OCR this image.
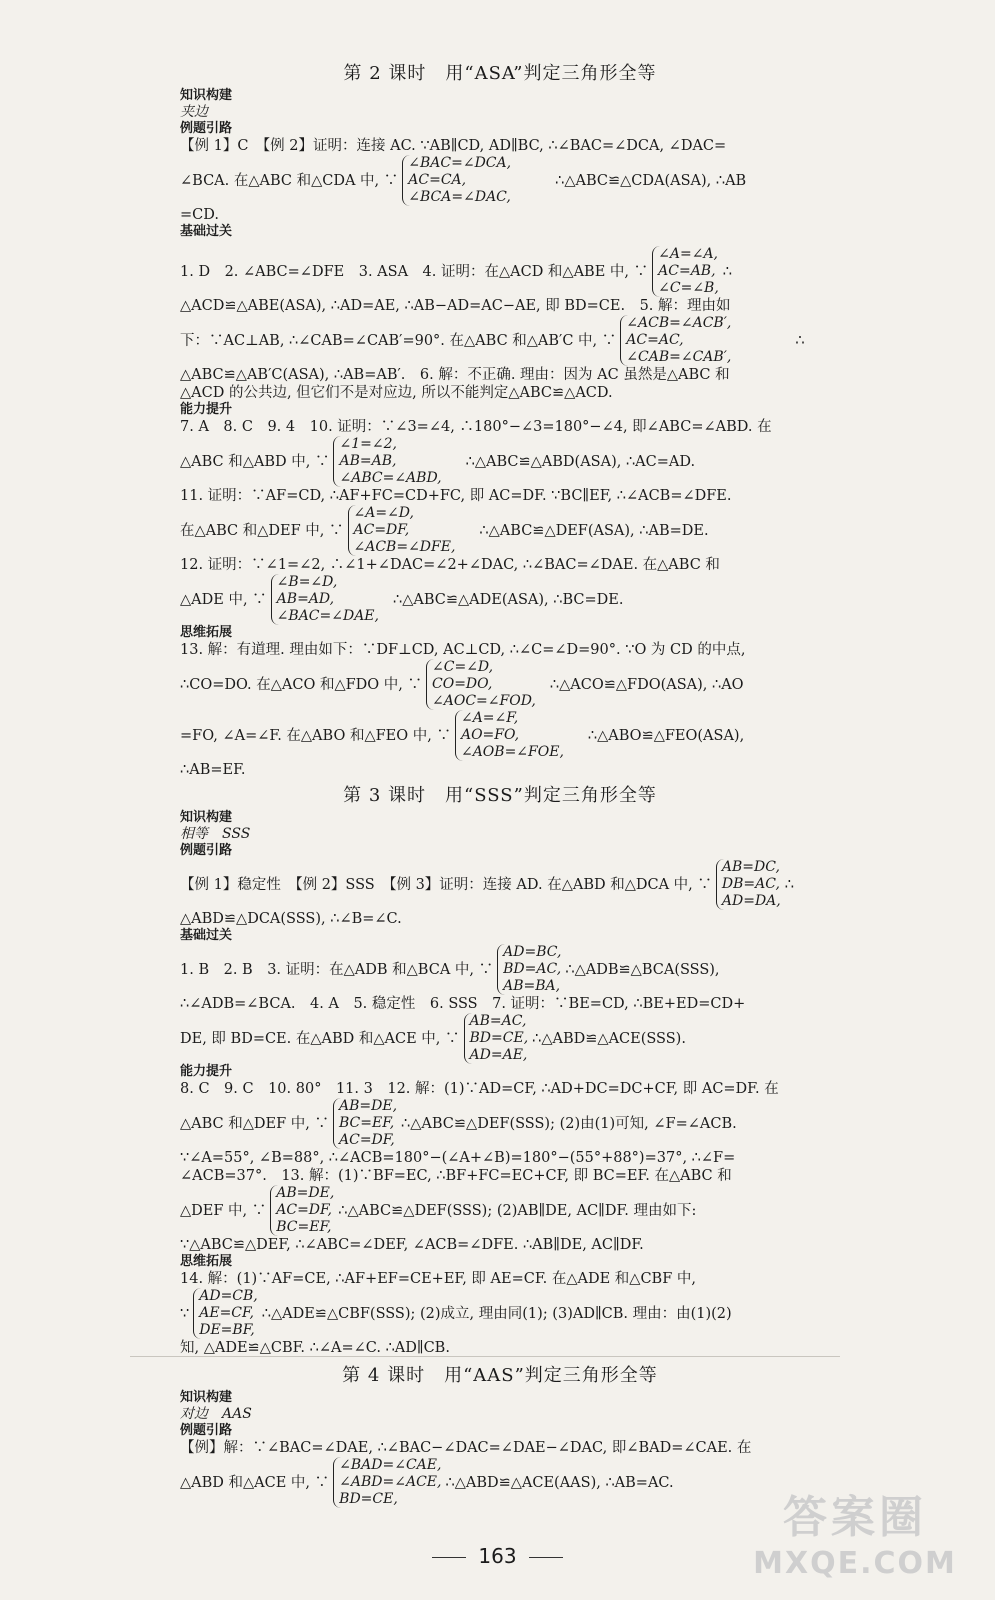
第 2 课时　用“ASA”判定三角形全等
知识构建
夹边
例题引路

【例 1】C　【例 2】证明：连接 AC. ∵AB∥CD, AD∥BC, ∴∠BAC=∠DCA, ∠DAC=

∠BCA. 在△ABC 和△CDA 中, ∵
∠BAC=∠DCA,
AC=CA,
∠BCA=∠DAC,
∴△ABC≌△CDA(ASA), ∴AB

=CD.

基础过关
1. D　2. ∠ABC=∠DFE　3. ASA　4. 证明：在△ACD 和△ABE 中, ∵
∠A=∠A,
AC=AB,
∠C=∠B,
∴

△ACD≌△ABE(ASA), ∴AD=AE, ∴AB−AD=AC−AE, 即 BD=CE.　5. 解：理由如

下：∵AC⊥AB, ∴∠CAB=∠CAB′=90°. 在△ABC 和△AB′C 中, ∵
∠ACB=∠ACB′,
AC=AC,
∠CAB=∠CAB′,
∴

△ABC≌△AB′C(ASA), ∴AB=AB′.　6. 解：不正确. 理由：因为 AC 虽然是△ABC 和

△ACD 的公共边, 但它们不是对应边, 所以不能判定△ABC≌△ACD.

能力提升

7. A　8. C　9. 4　10. 证明：∵∠3=∠4, ∴180°−∠3=180°−∠4, 即∠ABC=∠ABD. 在

△ABC 和△ABD 中, ∵
∠1=∠2,
AB=AB,
∠ABC=∠ABD,
∴△ABC≌△ABD(ASA), ∴AC=AD.

11. 证明：∵AF=CD, ∴AF+FC=CD+FC, 即 AC=DF. ∵BC∥EF, ∴∠ACB=∠DFE.

在△ABC 和△DEF 中, ∵
∠A=∠D,
AC=DF,
∠ACB=∠DFE,
∴△ABC≌△DEF(ASA), ∴AB=DE.

12. 证明：∵∠1=∠2, ∴∠1+∠DAC=∠2+∠DAC, ∴∠BAC=∠DAE. 在△ABC 和

△ADE 中, ∵
∠B=∠D,
AB=AD,
∠BAC=∠DAE,
∴△ABC≌△ADE(ASA), ∴BC=DE.
思维拓展

13. 解：有道理. 理由如下：∵DF⊥CD, AC⊥CD, ∴∠C=∠D=90°. ∵O 为 CD 的中点,

∴CO=DO. 在△ACO 和△FDO 中, ∵
∠C=∠D,
CO=DO,
∠AOC=∠FOD,
∴△ACO≌△FDO(ASA), ∴AO
=FO, ∠A=∠F. 在△ABO 和△FEO 中, ∵
∠A=∠F,
AO=FO,
∠AOB=∠FOE,
∴△ABO≌△FEO(ASA),

∴AB=EF.

第 3 课时　用“SSS”判定三角形全等
知识构建
相等　SSS
例题引路
【例 1】稳定性　【例 2】SSS　【例 3】证明：连接 AD. 在△ABD 和△DCA 中, ∵
AB=DC,
DB=AC,
AD=DA,
∴

△ABD≌△DCA(SSS), ∴∠B=∠C.

基础过关
1. B　2. B　3. 证明：在△ADB 和△BCA 中, ∵
AD=BC,
BD=AC,
AB=BA,
∴△ADB≌△BCA(SSS),

∴∠ADB=∠BCA.　4. A　5. 稳定性　6. SSS　7. 证明：∵BE=CD, ∴BE+ED=CD+

DE, 即 BD=CE. 在△ABD 和△ACE 中, ∵
AB=AC,
BD=CE,
AD=AE,
∴△ABD≌△ACE(SSS).
能力提升

8. C　9. C　10. 80°　11. 3　12. 解：(1)∵AD=CF, ∴AD+DC=DC+CF, 即 AC=DF. 在

△ABC 和△DEF 中, ∵
AB=DE,
BC=EF,
AC=DF,
∴△ABC≌△DEF(SSS); (2)由(1)可知, ∠F=∠ACB.

∵∠A=55°, ∠B=88°, ∴∠ACB=180°−(∠A+∠B)=180°−(55°+88°)=37°, ∴∠F=

∠ACB=37°.　13. 解：(1)∵BF=EC, ∴BF+FC=EC+CF, 即 BC=EF. 在△ABC 和

△DEF 中, ∵
AB=DE,
AC=DF,
BC=EF,
∴△ABC≌△DEF(SSS); (2)AB∥DE, AC∥DF. 理由如下:

∵△ABC≌△DEF, ∴∠ABC=∠DEF, ∠ACB=∠DFE. ∴AB∥DE, AC∥DF.

思维拓展

14. 解：(1)∵AF=CE, ∴AF+EF=CE+EF, 即 AE=CF. 在△ADE 和△CBF 中,

∵
AD=CB,
AE=CF,
DE=BF,
∴△ADE≌△CBF(SSS); (2)成立, 理由同(1); (3)AD∥CB. 理由：由(1)(2)

知, △ADE≌△CBF. ∴∠A=∠C. ∴AD∥CB.

第 4 课时　用“AAS”判定三角形全等
知识构建
对边　AAS
例题引路

【例】解：∵∠BAC=∠DAE, ∴∠BAC−∠DAC=∠DAE−∠DAC, 即∠BAD=∠CAE. 在

△ABD 和△ACE 中, ∵
∠BAD=∠CAE,
∠ABD=∠ACE,
BD=CE,
∴△ABD≌△ACE(AAS), ∴AB=AC.
163
答案圈
MXQE.COM
